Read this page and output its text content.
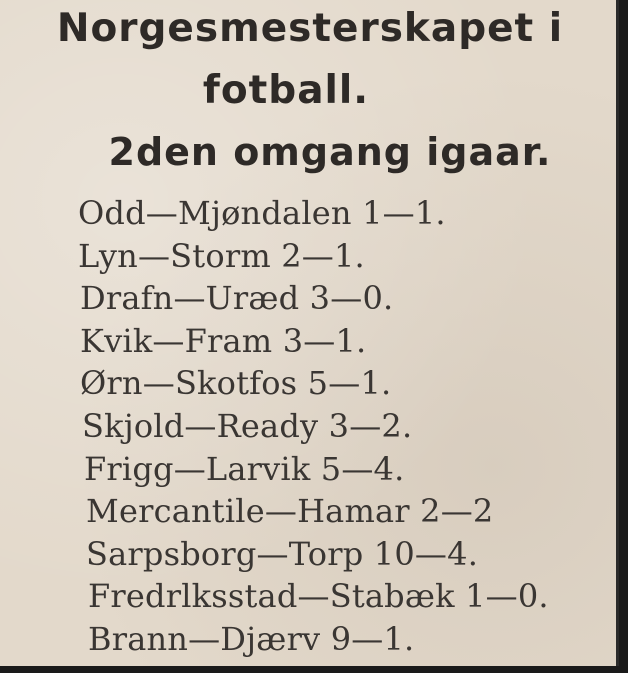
Norgesmesterskapet i
fotball.
2den omgang igaar.
Odd—Mjøndalen 1—1.
Lyn—Storm 2—1.
Drafn—Uræd 3—0.
Kvik—Fram 3—1.
Ørn—Skotfos 5—1.
Skjold—Ready 3—2.
Frigg—Larvik 5—4.
Mercantile—Hamar 2—2
Sarpsborg—Torp 10—4.
Fredrlksstad—Stabæk 1—0.
Brann—Djærv 9—1.
